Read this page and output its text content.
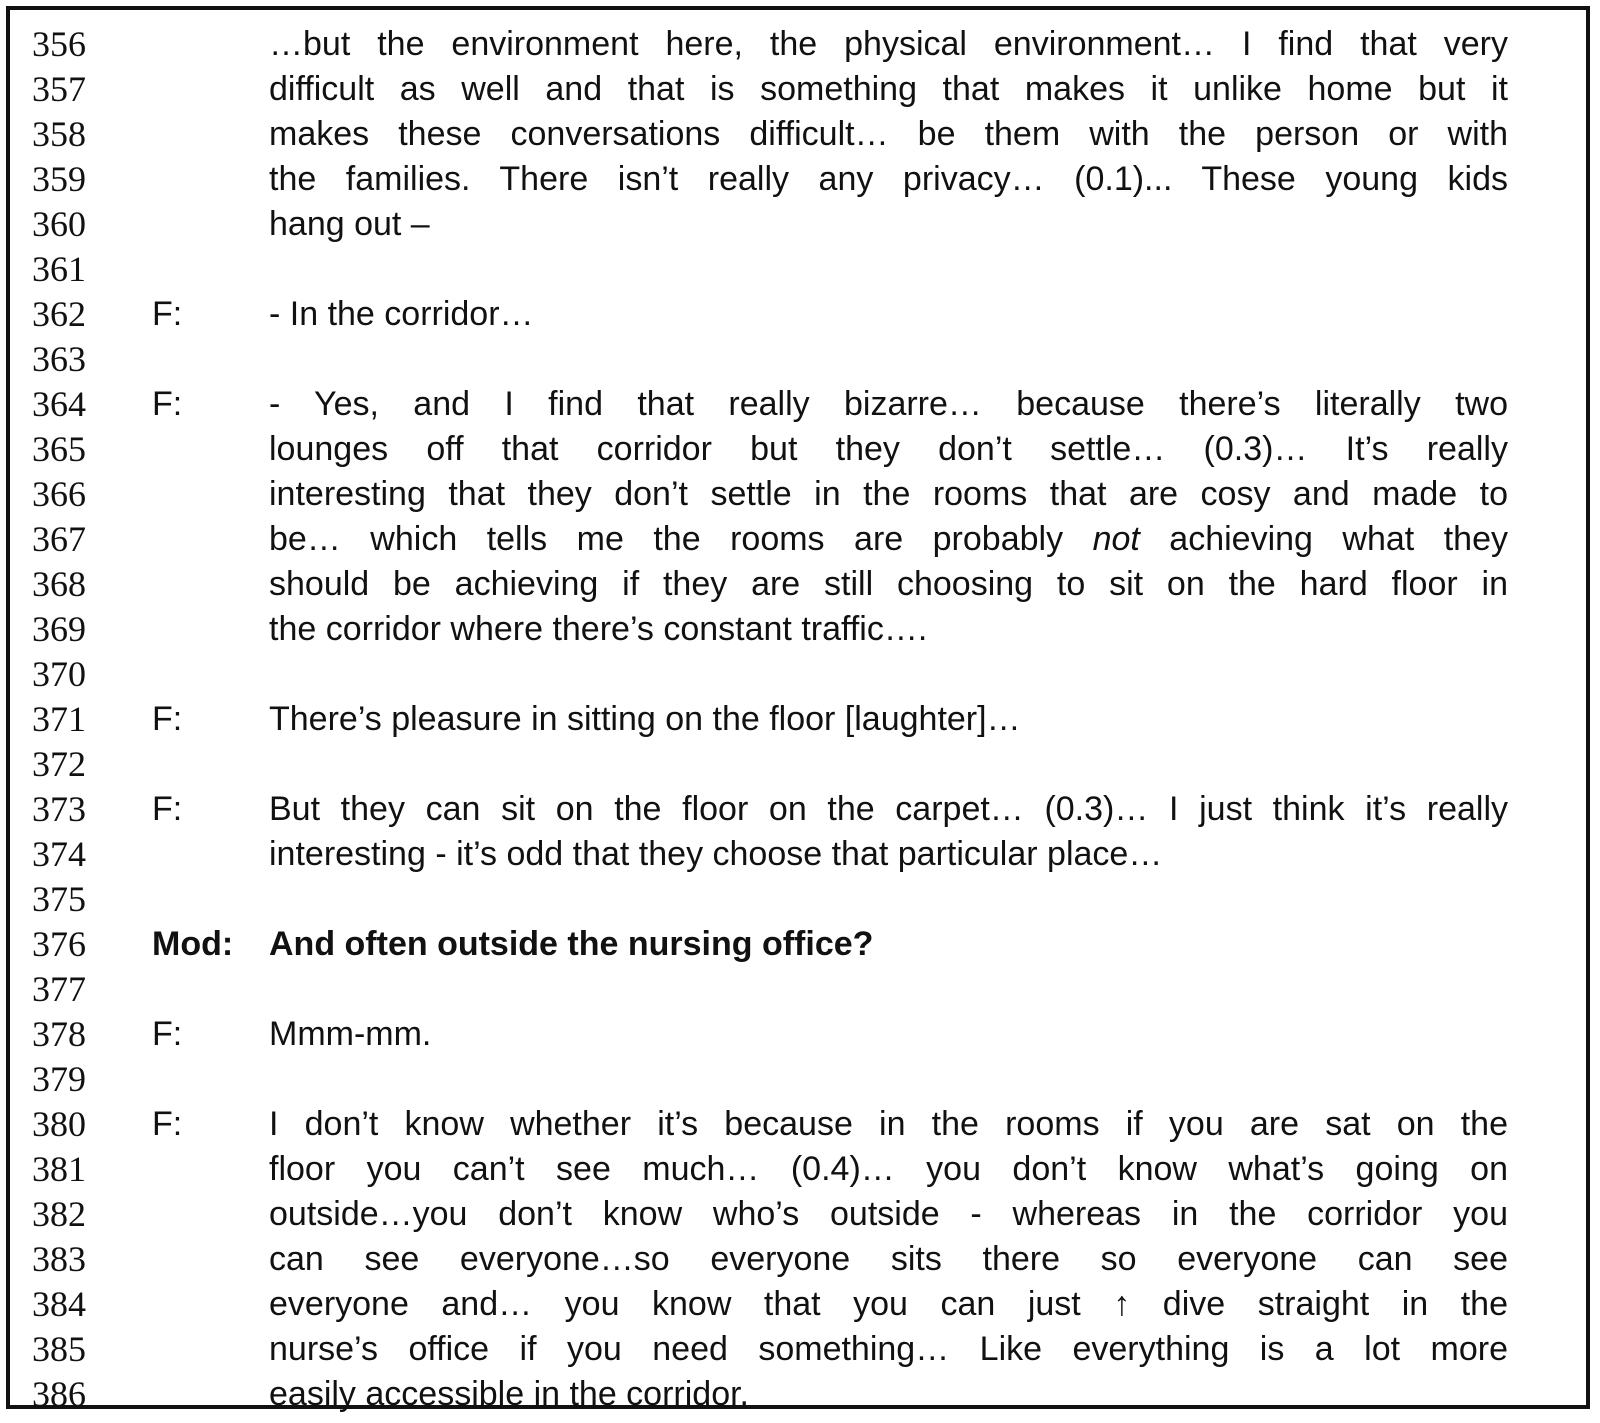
356	…but the environment here, the physical environment… I find that very
357	difficult as well and that is something that makes it unlike home but it
358	makes these conversations difficult… be them with the person or with
359	the families. There isn’t really any privacy… (0.1)... These young kids
360	hang out –
361
362 F:	- In the corridor…
363
364 F:	- Yes, and I find that really bizarre… because there’s literally two
365	lounges off that corridor but they don’t settle… (0.3)… It’s really
366	interesting that they don’t settle in the rooms that are cosy and made to
367	be… which tells me the rooms are probably not achieving what they
368	should be achieving if they are still choosing to sit on the hard floor in
369	the corridor where there’s constant traffic….
370
371 F:	There’s pleasure in sitting on the floor [laughter]…
372
373 F:	But they can sit on the floor on the carpet… (0.3)… I just think it’s really
374	interesting - it’s odd that they choose that particular place…
375
376 Mod: And often outside the nursing office?
377
378 F:	Mmm-mm.
379
380 F:	I don’t know whether it’s because in the rooms if you are sat on the
381	floor you can’t see much… (0.4)… you don’t know what’s going on
382	outside…you don’t know who’s outside - whereas in the corridor you
383	can see everyone…so everyone sits there so everyone can see
384	everyone and… you know that you can just ↑ dive straight in the
385	nurse’s office if you need something… Like everything is a lot more
386	easily accessible in the corridor.
